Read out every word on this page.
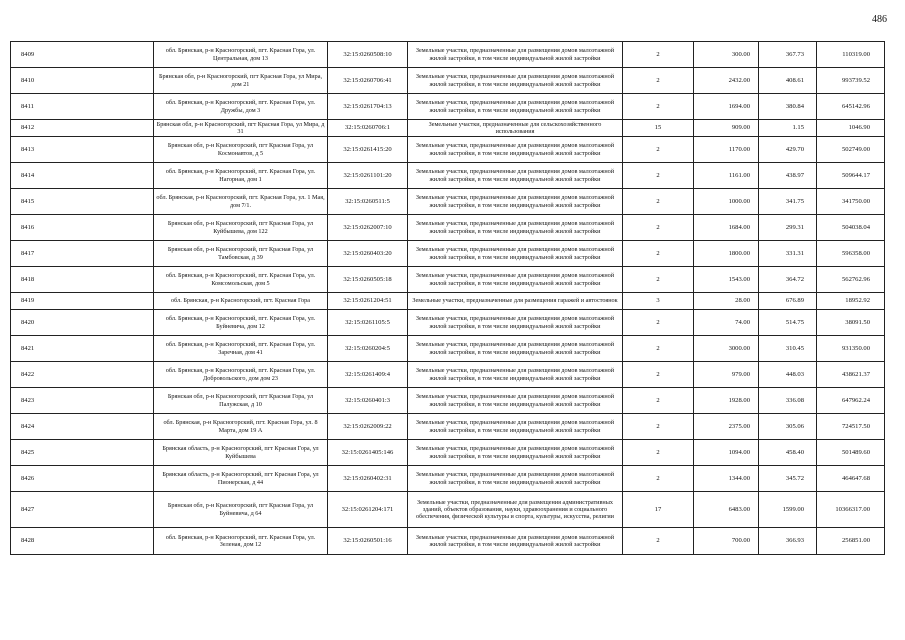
486
8409	обл. Брянская, р-н Красногорский, пгт. Красная Гора, ул. Центральная, дом 13	32:15:0260508:10	Земельные участки, предназначенные для размещения домов малоэтажной жилой застройки, в том числе индивидуальной жилой застройки	2	300.00	367.73	110319.00
8410	Брянская обл, р-н Красногорский, пгт Красная Гора, ул Мира, дом 21	32:15:0260706:41	Земельные участки, предназначенные для размещения домов малоэтажной жилой застройки, в том числе индивидуальной жилой застройки	2	2432.00	408.61	993739.52
8411	обл. Брянская, р-н Красногорский, пгт. Красная Гора, ул. Дружбы, дом 3	32:15:0261704:13	Земельные участки, предназначенные для размещения домов малоэтажной жилой застройки, в том числе индивидуальной жилой застройки	2	1694.00	380.84	645142.96
8412	Брянская обл, р-н Красногорский, пгт Красная Гора, ул Мира, д 31	32:15:0260706:1	Земельные участки, предназначенные для сельскохозяйственного использования	15	909.00	1.15	1046.90
8413	Брянская обл, р-н Красногорский, пгт Красная Гора, ул Космонавтов, д 5	32:15:0261415:20	Земельные участки, предназначенные для размещения домов малоэтажной жилой застройки, в том числе индивидуальной жилой застройки	2	1170.00	429.70	502749.00
8414	обл. Брянская, р-н Красногорский, пгт. Красная Гора, ул. Нагорная, дом 1	32:15:0261101:20	Земельные участки, предназначенные для размещения домов малоэтажной жилой застройки, в том числе индивидуальной жилой застройки	2	1161.00	438.97	509644.17
8415	обл. Брянская, р-н Красногорский, пгт. Красная Гора, ул. 1 Мая, дом 7/1.	32:15:0260511:5	Земельные участки, предназначенные для размещения домов малоэтажной жилой застройки, в том числе индивидуальной жилой застройки	2	1000.00	341.75	341750.00
8416	Брянская обл, р-н Красногорский, пгт Красная Гора, ул Куйбышева, дом 122	32:15:0262007:10	Земельные участки, предназначенные для размещения домов малоэтажной жилой застройки, в том числе индивидуальной жилой застройки	2	1684.00	299.31	504038.04
8417	Брянская обл, р-н Красногорский, пгт Красная Гора, ул Тамбовская, д 39	32:15:0260403:20	Земельные участки, предназначенные для размещения домов малоэтажной жилой застройки, в том числе индивидуальной жилой застройки	2	1800.00	331.31	596358.00
8418	обл. Брянская, р-н Красногорский, пгт. Красная Гора, ул. Комсомольская, дом 5	32:15:0260505:18	Земельные участки, предназначенные для размещения домов малоэтажной жилой застройки, в том числе индивидуальной жилой застройки	2	1543.00	364.72	562762.96
8419	обл. Брянская, р-н Красногорский, пгт. Красная Гора	32:15:0261204:51	Земельные участки, предназначенные для размещения гаражей и автостоянок	3	28.00	676.89	18952.92
8420	обл. Брянская, р-н Красногорский, пгт. Красная Гора, ул. Буйневича, дом 12	32:15:0261105:5	Земельные участки, предназначенные для размещения домов малоэтажной жилой застройки, в том числе индивидуальной жилой застройки	2	74.00	514.75	38091.50
8421	обл. Брянская, р-н Красногорский, пгт. Красная Гора, ул. Заречная, дом 41	32:15:0260204:5	Земельные участки, предназначенные для размещения домов малоэтажной жилой застройки, в том числе индивидуальной жилой застройки	2	3000.00	310.45	931350.00
8422	обл. Брянская, р-н Красногорский, пгт. Красная Гора, ул. Добровольского, дом дом 23	32:15:0261409:4	Земельные участки, предназначенные для размещения домов малоэтажной жилой застройки, в том числе индивидуальной жилой застройки	2	979.00	448.03	438621.37
8423	Брянская обл, р-н Красногорский, пгт Красная Гора, ул Палужская, д 10	32:15:0260401:3	Земельные участки, предназначенные для размещения домов малоэтажной жилой застройки, в том числе индивидуальной жилой застройки	2	1928.00	336.08	647962.24
8424	обл. Брянская, р-н Красногорский, пгт. Красная Гора, ул. 8 Марта, дом 19 А	32:15:0262009:22	Земельные участки, предназначенные для размещения домов малоэтажной жилой застройки, в том числе индивидуальной жилой застройки	2	2375.00	305.06	724517.50
8425	Брянская область, р-н Красногорский, пгт Красная Гора, ул Куйбышева	32:15:0261405:146	Земельные участки, предназначенные для размещения домов малоэтажной жилой застройки, в том числе индивидуальной жилой застройки	2	1094.00	458.40	501489.60
8426	Брянская область, р-н Красногорский, пгт Красная Гора, ул Пионерская, д 44	32:15:0260402:31	Земельные участки, предназначенные для размещения домов малоэтажной жилой застройки, в том числе индивидуальной жилой застройки	2	1344.00	345.72	464647.68
8427	Брянская обл, р-н Красногорский, пгт Красная Гора, ул Буйневича, д 64	32:15:0261204:171	Земельные участки, предназначенные для размещения административных зданий, объектов образования, науки, здравоохранения и социального обеспечения, физической культуры и спорта, культуры, искусства, религии	17	6483.00	1599.00	10366317.00
8428	обл. Брянская, р-н Красногорский, пгт. Красная Гора, ул. Зеленая, дом 12	32:15:0260501:16	Земельные участки, предназначенные для размещения домов малоэтажной жилой застройки, в том числе индивидуальной жилой застройки	2	700.00	366.93	256851.00
